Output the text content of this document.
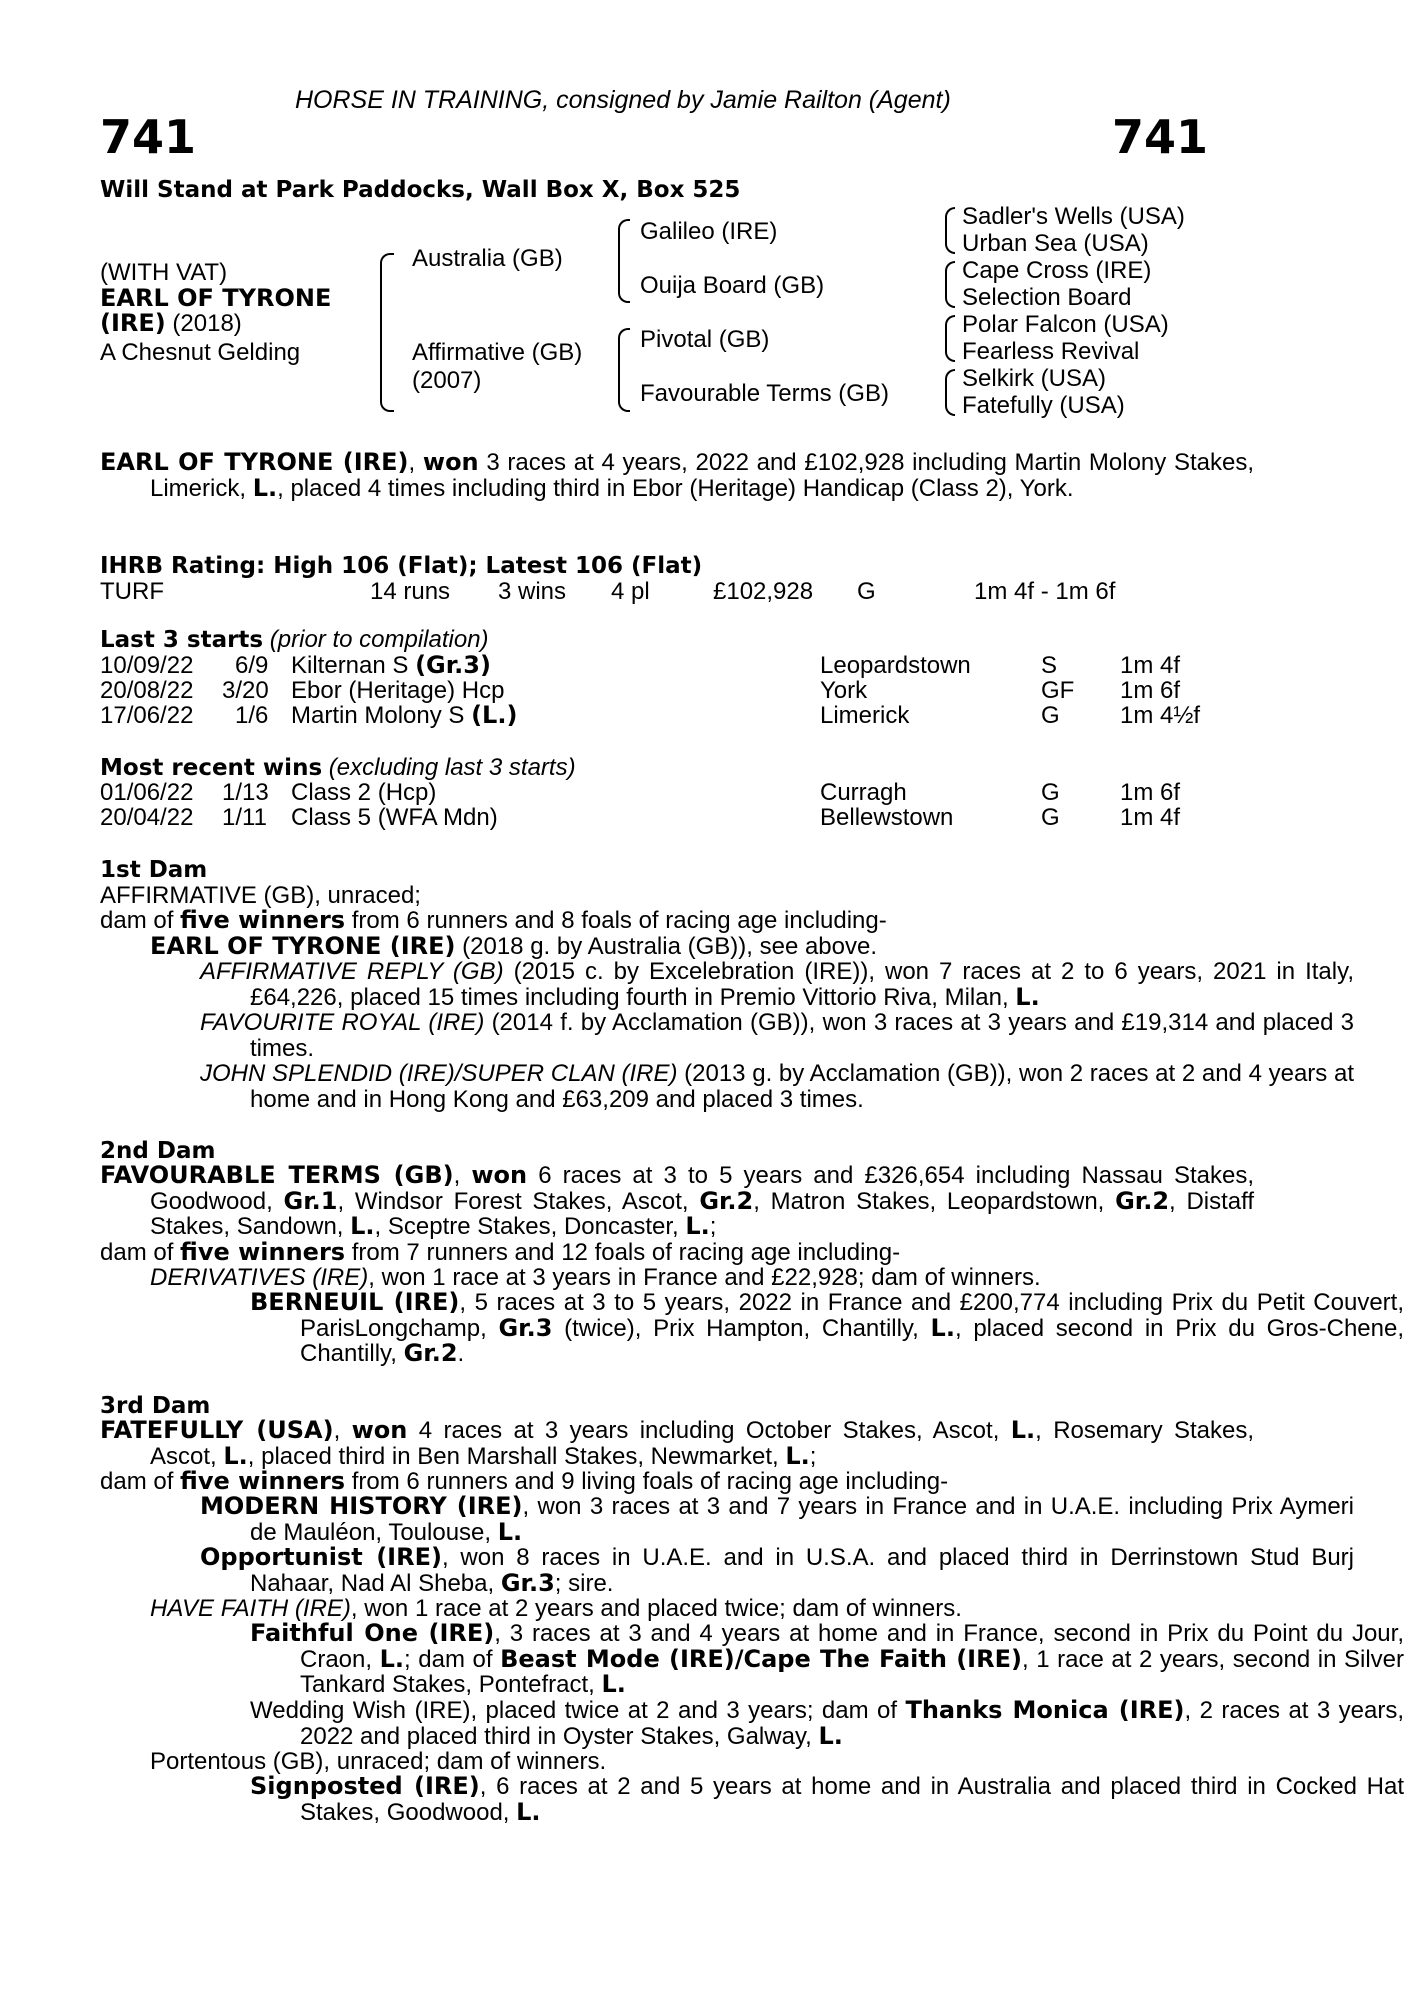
HORSE IN TRAINING, consigned by Jamie Railton (Agent)
741	741
Will Stand at Park Paddocks, Wall Box X, Box 525
(WITH VAT)
EARL OF TYRONE
(IRE) (2018)
A Chesnut Gelding
Australia (GB)
Affirmative (GB)
(2007)
Galileo (IRE)
Ouija Board (GB)
Pivotal (GB)
Favourable Terms (GB)
Sadler's Wells (USA)
Urban Sea (USA)
Cape Cross (IRE)
Selection Board
Polar Falcon (USA)
Fearless Revival
Selkirk (USA)
Fatefully (USA)
EARL OF TYRONE (IRE), won 3 races at 4 years, 2022 and £102,928 including Martin Molony Stakes, Limerick, L., placed 4 times including third in Ebor (Heritage) Handicap (Class 2), York.
IHRB Rating: High 106 (Flat); Latest 106 (Flat)
TURF	14 runs 3 wins 4 pl	£102,928 G	1m 4f - 1m 6f
Last 3 starts (prior to compilation)
10/09/22 6/9 Kilternan S (Gr.3)	Leopardstown	S	1m 4f
20/08/22 3/20 Ebor (Heritage) Hcp	York	GF 1m 6f
17/06/22 1/6 Martin Molony S (L.)	Limerick	G	1m 4½f
Most recent wins (excluding last 3 starts)
01/06/22 1/13 Class 2 (Hcp)	Curragh	G	1m 6f
20/04/22 1/11 Class 5 (WFA Mdn)	Bellewstown	G	1m 4f
1st Dam
AFFIRMATIVE (GB), unraced;
dam of five winners from 6 runners and 8 foals of racing age including-
EARL OF TYRONE (IRE) (2018 g. by Australia (GB)), see above.
AFFIRMATIVE REPLY (GB) (2015 c. by Excelebration (IRE)), won 7 races at 2 to 6 years, 2021 in Italy, £64,226, placed 15 times including fourth in Premio Vittorio Riva, Milan, L.
FAVOURITE ROYAL (IRE) (2014 f. by Acclamation (GB)), won 3 races at 3 years and £19,314 and placed 3 times.
JOHN SPLENDID (IRE)/SUPER CLAN (IRE) (2013 g. by Acclamation (GB)), won 2 races at 2 and 4 years at home and in Hong Kong and £63,209 and placed 3 times.
2nd Dam
FAVOURABLE TERMS (GB), won 6 races at 3 to 5 years and £326,654 including Nassau Stakes, Goodwood, Gr.1, Windsor Forest Stakes, Ascot, Gr.2, Matron Stakes, Leopardstown, Gr.2, Distaff Stakes, Sandown, L., Sceptre Stakes, Doncaster, L.;
dam of five winners from 7 runners and 12 foals of racing age including-
DERIVATIVES (IRE), won 1 race at 3 years in France and £22,928; dam of winners.
BERNEUIL (IRE), 5 races at 3 to 5 years, 2022 in France and £200,774 including Prix du Petit Couvert, ParisLongchamp, Gr.3 (twice), Prix Hampton, Chantilly, L., placed second in Prix du Gros-Chene, Chantilly, Gr.2.
3rd Dam
FATEFULLY (USA), won 4 races at 3 years including October Stakes, Ascot, L., Rosemary Stakes, Ascot, L., placed third in Ben Marshall Stakes, Newmarket, L.;
dam of five winners from 6 runners and 9 living foals of racing age including-
MODERN HISTORY (IRE), won 3 races at 3 and 7 years in France and in U.A.E. including Prix Aymeri de Mauléon, Toulouse, L.
Opportunist (IRE), won 8 races in U.A.E. and in U.S.A. and placed third in Derrinstown Stud Burj Nahaar, Nad Al Sheba, Gr.3; sire.
HAVE FAITH (IRE), won 1 race at 2 years and placed twice; dam of winners.
Faithful One (IRE), 3 races at 3 and 4 years at home and in France, second in Prix du Point du Jour, Craon, L.; dam of Beast Mode (IRE)/Cape The Faith (IRE), 1 race at 2 years, second in Silver Tankard Stakes, Pontefract, L.
Wedding Wish (IRE), placed twice at 2 and 3 years; dam of Thanks Monica (IRE), 2 races at 3 years, 2022 and placed third in Oyster Stakes, Galway, L.
Portentous (GB), unraced; dam of winners.
Signposted (IRE), 6 races at 2 and 5 years at home and in Australia and placed third in Cocked Hat Stakes, Goodwood, L.
